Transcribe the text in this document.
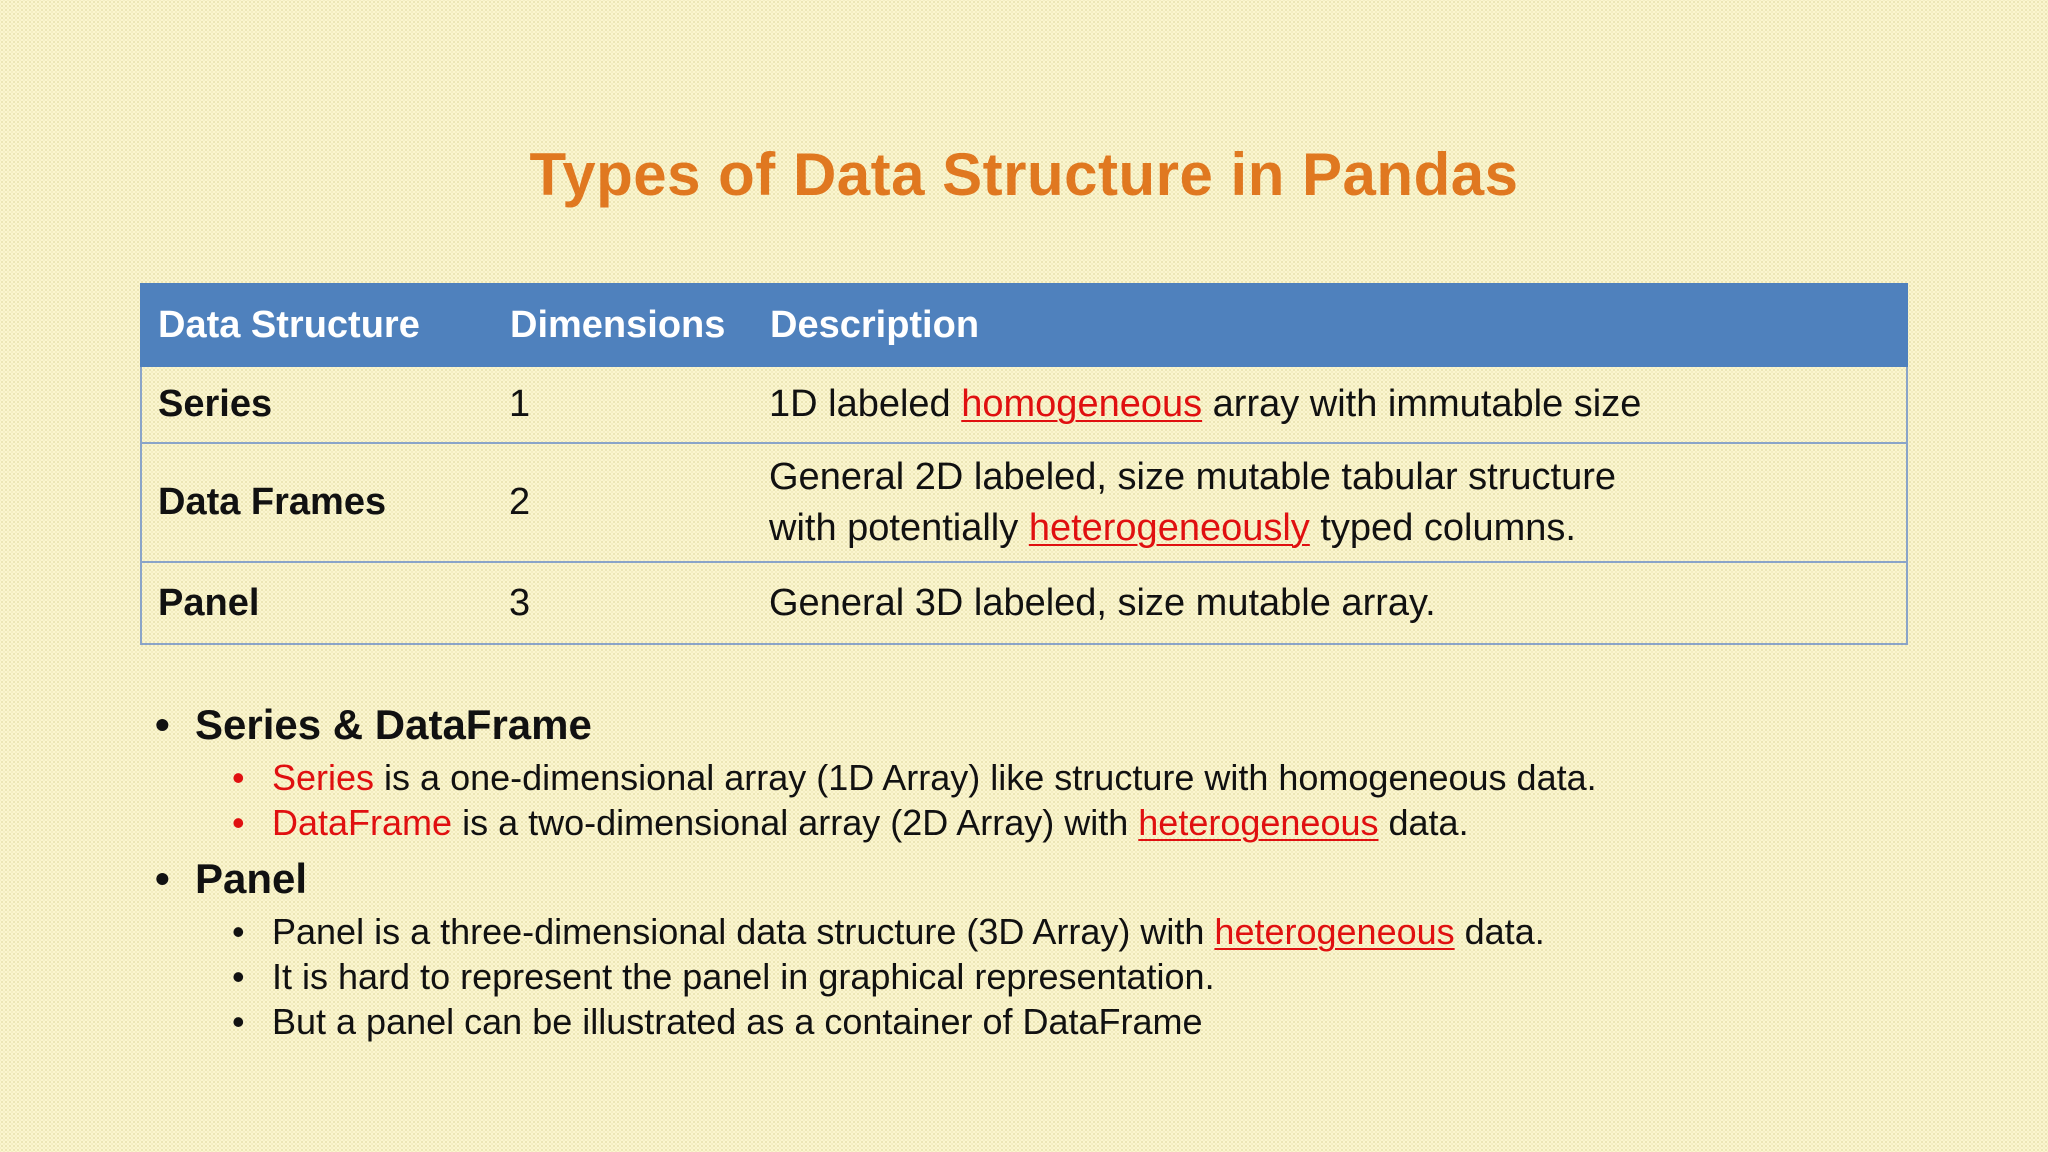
Types of Data Structure in Pandas
Data Structure	Dimensions	Description
Series	1	1D labeled homogeneous array with immutable size
Data Frames	2	General 2D labeled, size mutable tabular structure
with potentially heterogeneously typed columns.

Panel	3	General 3D labeled, size mutable array.
• Series & DataFrame
• Series is a one-dimensional array (1D Array) like structure with homogeneous data.
• DataFrame is a two-dimensional array (2D Array) with heterogeneous data.
• Panel
• Panel is a three-dimensional data structure (3D Array) with heterogeneous data.
• It is hard to represent the panel in graphical representation.
• But a panel can be illustrated as a container of DataFrame
